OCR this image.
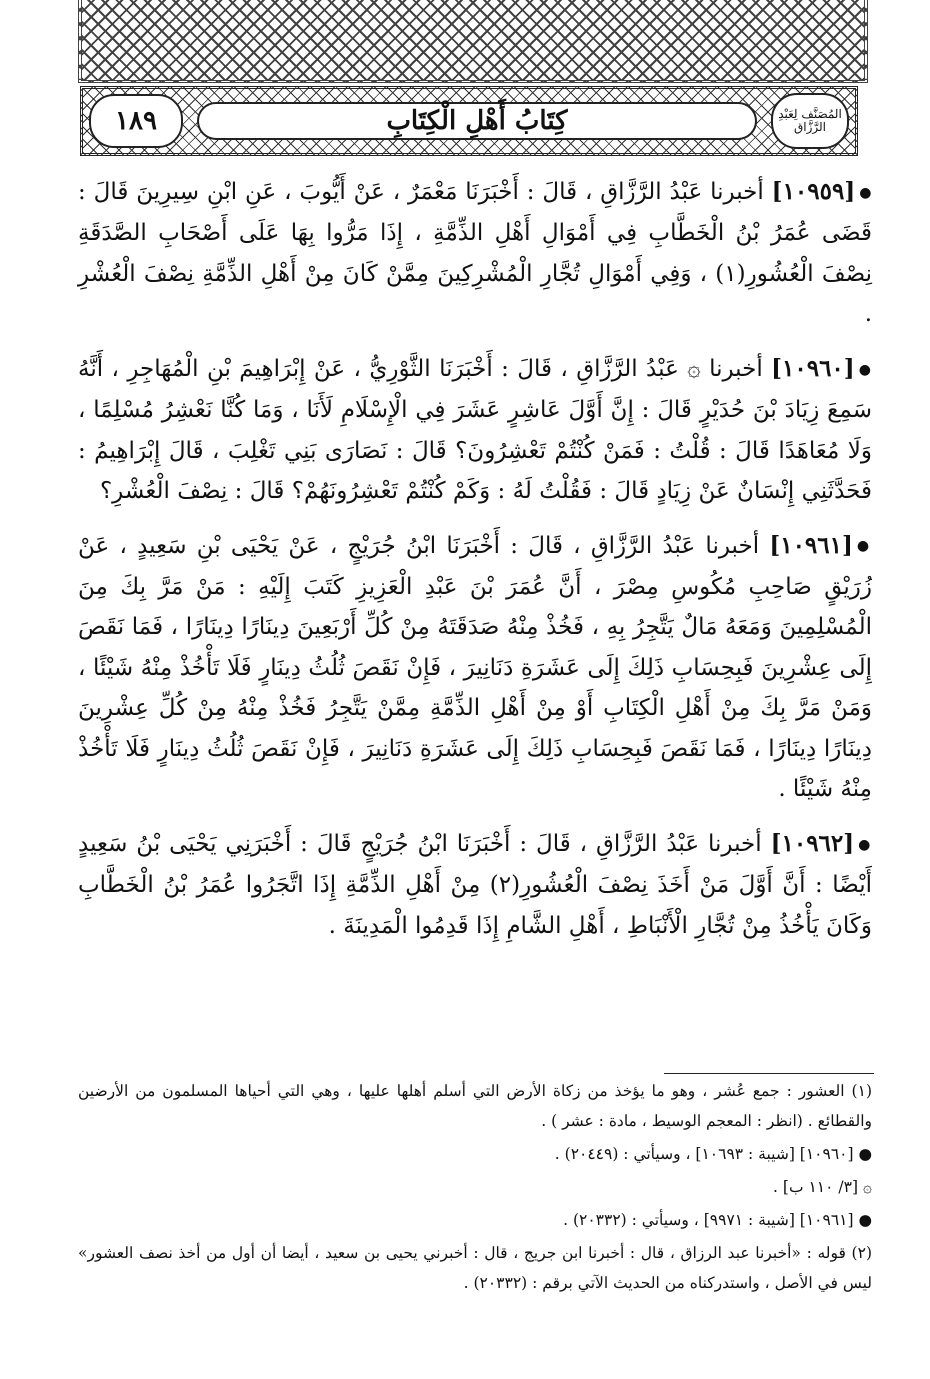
١٨٩	كِتَابُ أَهْلِ الْكِتَابِ	المُصَنَّف لِعَبْدِ الرَّزَّاق

●[١٠٩٥٩] أخبرنا عَبْدُ الرَّزَّاقِ ، قَالَ : أَخْبَرَنَا مَعْمَرٌ ، عَنْ أَيُّوبَ ، عَنِ ابْنِ سِيرِينَ قَالَ : قَضَى عُمَرُ بْنُ الْخَطَّابِ فِي أَمْوَالِ أَهْلِ الذِّمَّةِ ، إِذَا مَرُّوا بِهَا عَلَى أَصْحَابِ الصَّدَقَةِ نِصْفَ الْعُشُورِ(١) ، وَفِي أَمْوَالِ تُجَّارِ الْمُشْرِكِينَ مِمَّنْ كَانَ مِنْ أَهْلِ الذِّمَّةِ نِصْفَ الْعُشْرِ .

●[١٠٩٦٠] أخبرنا ۞ عَبْدُ الرَّزَّاقِ ، قَالَ : أَخْبَرَنَا الثَّوْرِيُّ ، عَنْ إِبْرَاهِيمَ بْنِ الْمُهَاجِرِ ، أَنَّهُ سَمِعَ زِيَادَ بْنَ حُدَيْرٍ قَالَ : إِنَّ أَوَّلَ عَاشِرٍ عَشَرَ فِي الْإِسْلَامِ لَأَنَا ، وَمَا كُنَّا نَعْشِرُ مُسْلِمًا ، وَلَا مُعَاهَدًا قَالَ : قُلْتُ : فَمَنْ كُنْتُمْ تَعْشِرُونَ؟ قَالَ : نَصَارَى بَنِي تَغْلِبَ ، قَالَ إِبْرَاهِيمُ : فَحَدَّثَنِي إِنْسَانٌ عَنْ زِيَادٍ قَالَ : فَقُلْتُ لَهُ : وَكَمْ كُنْتُمْ تَعْشِرُونَهُمْ؟ قَالَ : نِصْفَ الْعُشْرِ؟

●[١٠٩٦١] أخبرنا عَبْدُ الرَّزَّاقِ ، قَالَ : أَخْبَرَنَا ابْنُ جُرَيْجٍ ، عَنْ يَحْيَى بْنِ سَعِيدٍ ، عَنْ زُرَيْقٍ صَاحِبِ مُكُوسِ مِصْرَ ، أَنَّ عُمَرَ بْنَ عَبْدِ الْعَزِيزِ كَتَبَ إِلَيْهِ : مَنْ مَرَّ بِكَ مِنَ الْمُسْلِمِينَ وَمَعَهُ مَالٌ يَتَّجِرُ بِهِ ، فَخُذْ مِنْهُ صَدَقَتَهُ مِنْ كُلِّ أَرْبَعِينَ دِينَارًا دِينَارًا ، فَمَا نَقَصَ إِلَى عِشْرِينَ فَبِحِسَابِ ذَلِكَ إِلَى عَشَرَةِ دَنَانِيرَ ، فَإِنْ نَقَصَ ثُلُثُ دِينَارٍ فَلَا تَأْخُذْ مِنْهُ شَيْئًا ، وَمَنْ مَرَّ بِكَ مِنْ أَهْلِ الْكِتَابِ أَوْ مِنْ أَهْلِ الذِّمَّةِ مِمَّنْ يَتَّجِرُ فَخُذْ مِنْهُ مِنْ كُلِّ عِشْرِينَ دِينَارًا دِينَارًا ، فَمَا نَقَصَ فَبِحِسَابِ ذَلِكَ إِلَى عَشَرَةِ دَنَانِيرَ ، فَإِنْ نَقَصَ ثُلُثُ دِينَارٍ فَلَا تَأْخُذْ مِنْهُ شَيْئًا .

●[١٠٩٦٢] أخبرنا عَبْدُ الرَّزَّاقِ ، قَالَ : أَخْبَرَنَا ابْنُ جُرَيْجٍ قَالَ : أَخْبَرَنِي يَحْيَى بْنُ سَعِيدٍ أَيْضًا : أَنَّ أَوَّلَ مَنْ أَخَذَ نِصْفَ الْعُشُورِ(٢) مِنْ أَهْلِ الذِّمَّةِ إِذَا اتَّجَرُوا عُمَرُ بْنُ الْخَطَّابِ وَكَانَ يَأْخُذُ مِنْ تُجَّارِ الْأَنْبَاطِ ، أَهْلِ الشَّامِ إِذَا قَدِمُوا الْمَدِينَةَ .

(١) العشور : جمع عُشر ، وهو ما يؤخذ من زكاة الأرض التي أسلم أهلها عليها ، وهي التي أحياها المسلمون من الأرضين والقطائع . (انظر : المعجم الوسيط ، مادة : عشر ) .

● [١٠٩٦٠] [شيبة : ١٠٦٩٣] ، وسيأتي : (٢٠٤٤٩) .

۞ [٣/ ١١٠ ب] .

● [١٠٩٦١] [شيبة : ٩٩٧١] ، وسيأتي : (٢٠٣٣٢) .

(٢) قوله : «أخبرنا عبد الرزاق ، قال : أخبرنا ابن جريج ، قال : أخبرني يحيى بن سعيد ، أيضا أن أول من أخذ نصف العشور» ليس في الأصل ، واستدركناه من الحديث الآتي برقم : (٢٠٣٣٢) .
